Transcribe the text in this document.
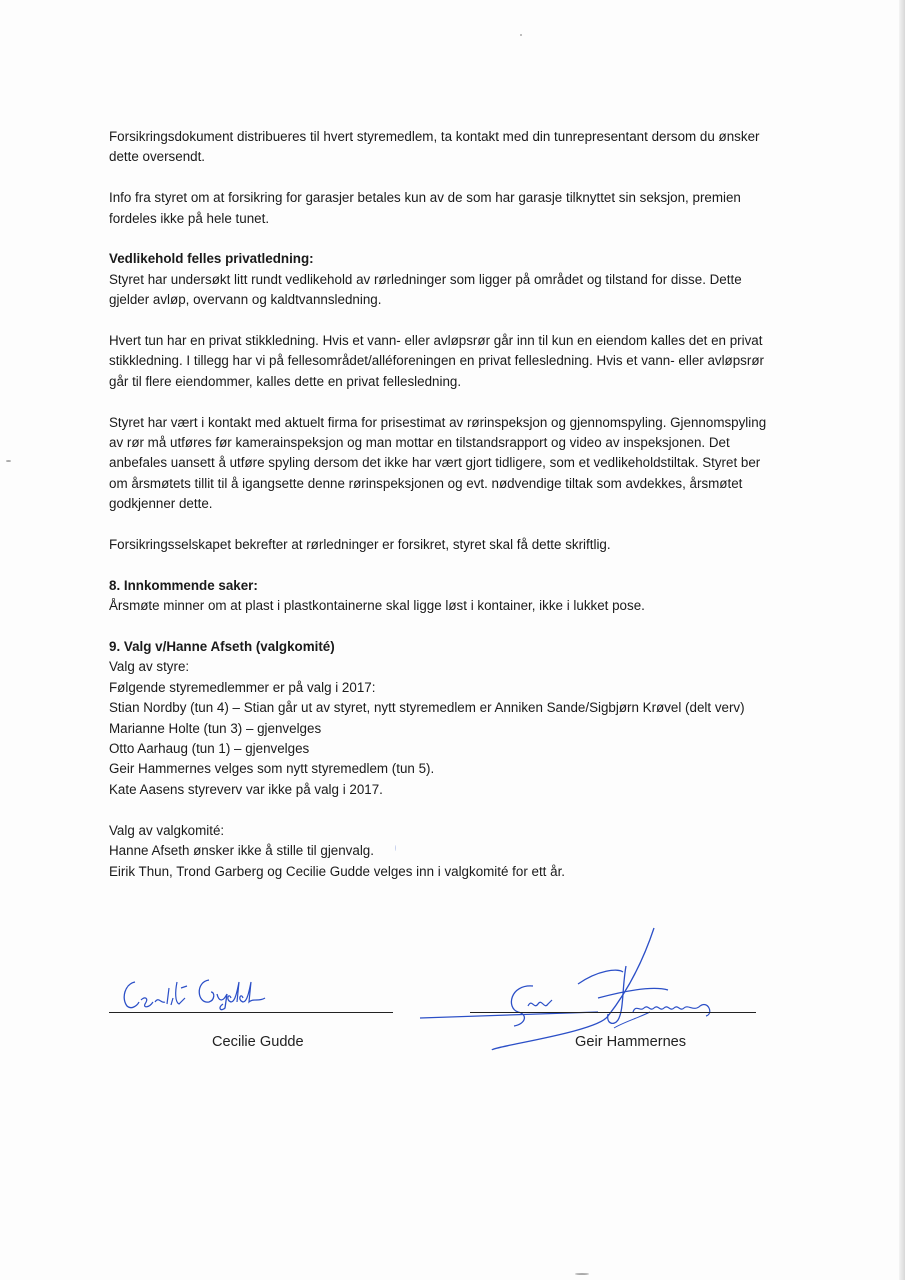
Forsikringsdokument distribueres til hvert styremedlem, ta kontakt med din tunrepresentant dersom du ønsker dette oversendt.

Info fra styret om at forsikring for garasjer betales kun av de som har garasje tilknyttet sin seksjon, premien fordeles ikke på hele tunet.

Vedlikehold felles privatledning:

Styret har undersøkt litt rundt vedlikehold av rørledninger som ligger på området og tilstand for disse. Dette gjelder avløp, overvann og kaldtvannsledning.

Hvert tun har en privat stikkledning. Hvis et vann- eller avløpsrør går inn til kun en eiendom kalles det en privat stikkledning. I tillegg har vi på fellesområdet/alléforeningen en privat fellesledning. Hvis et vann- eller avløpsrør går til flere eiendommer, kalles dette en privat fellesledning.

Styret har vært i kontakt med aktuelt firma for prisestimat av rørinspeksjon og gjennomspyling. Gjennomspyling av rør må utføres før kamerainspeksjon og man mottar en tilstandsrapport og video av inspeksjonen. Det anbefales uansett å utføre spyling dersom det ikke har vært gjort tidligere, som et vedlikeholdstiltak. Styret ber om årsmøtets tillit til å igangsette denne rørinspeksjonen og evt. nødvendige tiltak som avdekkes, årsmøtet godkjenner dette.

Forsikringsselskapet bekrefter at rørledninger er forsikret, styret skal få dette skriftlig.

8. Innkommende saker:

Årsmøte minner om at plast i plastkontainerne skal ligge løst i kontainer, ikke i lukket pose.

9. Valg v/Hanne Afseth (valgkomité)

Valg av styre:
Følgende styremedlemmer er på valg i 2017:
Stian Nordby (tun 4) – Stian går ut av styret, nytt styremedlem er Anniken Sande/Sigbjørn Krøvel (delt verv)
Marianne Holte (tun 3) – gjenvelges
Otto Aarhaug (tun 1) – gjenvelges
Geir Hammernes velges som nytt styremedlem (tun 5).
Kate Aasens styreverv var ikke på valg i 2017.

Valg av valgkomité:
Hanne Afseth ønsker ikke å stille til gjenvalg.
Eirik Thun, Trond Garberg og Cecilie Gudde velges inn i valgkomité for ett år.

Cecilie Gudde	Geir Hammernes
